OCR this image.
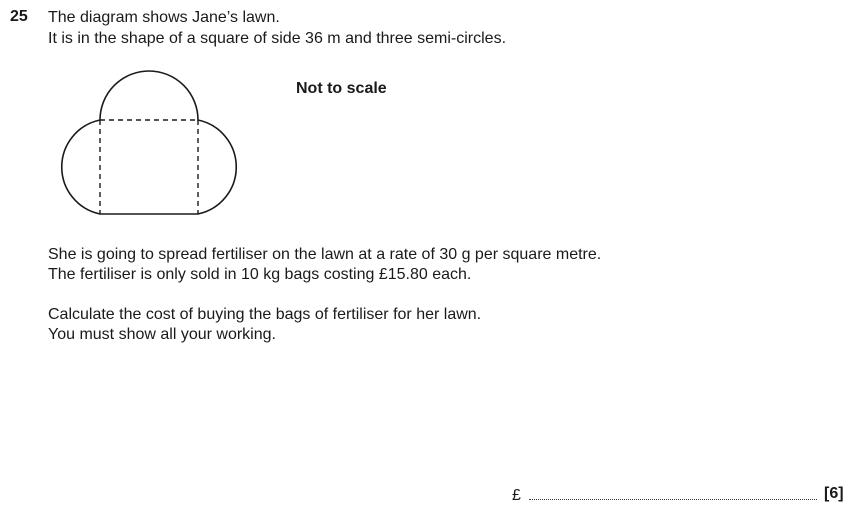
25 The diagram shows Jane’s lawn.
It is in the shape of a square of side 36 m and three semi-circles.
Not to scale
She is going to spread fertiliser on the lawn at a rate of 30 g per square metre.
The fertiliser is only sold in 10 kg bags costing £15.80 each.
Calculate the cost of buying the bags of fertiliser for her lawn.
You must show all your working.
£	[6]
